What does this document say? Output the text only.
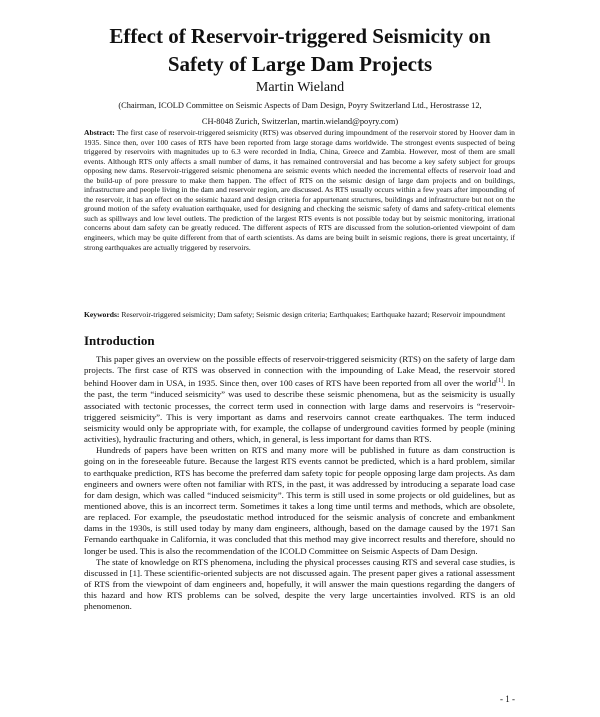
Effect of Reservoir-triggered Seismicity on
Safety of Large Dam Projects
Martin Wieland
(Chairman, ICOLD Committee on Seismic Aspects of Dam Design, Poyry Switzerland Ltd., Herostrasse 12,
CH-8048 Zurich, Switzerlan, martin.wieland@poyry.com)

Abstract: The first case of reservoir-triggered seismicity (RTS) was observed during impoundment of the reservoir stored by Hoover dam in 1935. Since then, over 100 cases of RTS have been reported from large storage dams worldwide. The strongest events suspected of being triggered by reservoirs with magnitudes up to 6.3 were recorded in India, China, Greece and Zambia. However, most of them are small events. Although RTS only affects a small number of dams, it has remained controversial and has become a key safety subject for groups opposing new dams. Reservoir-triggered seismic phenomena are seismic events which needed the incremental effects of reservoir load and the build-up of pore pressure to make them happen. The effect of RTS on the seismic design of large dam projects and on buildings, infrastructure and people living in the dam and reservoir region, are discussed. As RTS usually occurs within a few years after impounding of the reservoir, it has an effect on the seismic hazard and design criteria for appurtenant structures, buildings and infrastructure but not on the ground motion of the safety evaluation earthquake, used for designing and checking the seismic safety of dams and safety-critical elements such as spillways and low level outlets. The prediction of the largest RTS events is not possible today but by seismic monitoring, irrational concerns about dam safety can be greatly reduced. The different aspects of RTS are discussed from the solution-oriented viewpoint of dam engineers, which may be quite different from that of earth scientists. As dams are being built in seismic regions, there is great uncertainty, if strong earthquakes are actually triggered by reservoirs.

Keywords: Reservoir-triggered seismicity; Dam safety; Seismic design criteria; Earthquakes; Earthquake hazard; Reservoir impoundment

Introduction

This paper gives an overview on the possible effects of reservoir-triggered seismicity (RTS) on the safety of large dam projects. The first case of RTS was observed in connection with the impounding of Lake Mead, the reservoir stored behind Hoover dam in USA, in 1935. Since then, over 100 cases of RTS have been reported from all over the world[1]. In the past, the term “induced seismicity” was used to describe these seismic phenomena, but as the seismicity is usually associated with tectonic processes, the correct term used in connection with large dams and reservoirs is “reservoir-triggered seismicity”. This is very important as dams and reservoirs cannot create earthquakes. The term induced seismicity would only be appropriate with, for example, the collapse of underground cavities formed by people (mining activities), hydraulic fracturing and others, which, in general, is less important for dams than RTS.

Hundreds of papers have been written on RTS and many more will be published in future as dam construction is going on in the foreseeable future. Because the largest RTS events cannot be predicted, which is a hard problem, similar to earthquake prediction, RTS has become the preferred dam safety topic for people opposing large dam projects. As dam engineers and owners were often not familiar with RTS, in the past, it was addressed by introducing a separate load case for dam design, which was called “induced seismicity”. This term is still used in some projects or old guidelines, but as mentioned above, this is an incorrect term. Sometimes it takes a long time until terms and methods, which are obsolete, are replaced. For example, the pseudostatic method introduced for the seismic analysis of concrete and embankment dams in the 1930s, is still used today by many dam engineers, although, based on the damage caused by the 1971 San Fernando earthquake in California, it was concluded that this method may give incorrect results and therefore, should no longer be used. This is also the recommendation of the ICOLD Committee on Seismic Aspects of Dam Design.

The state of knowledge on RTS phenomena, including the physical processes causing RTS and several case studies, is discussed in [1]. These scientific-oriented subjects are not discussed again. The present paper gives a rational assessment of RTS from the viewpoint of dam engineers and, hopefully, it will answer the main questions regarding the dangers of this hazard and how RTS problems can be solved, despite the very large uncertainties involved. RTS is an old phenomenon.

- 1 -
